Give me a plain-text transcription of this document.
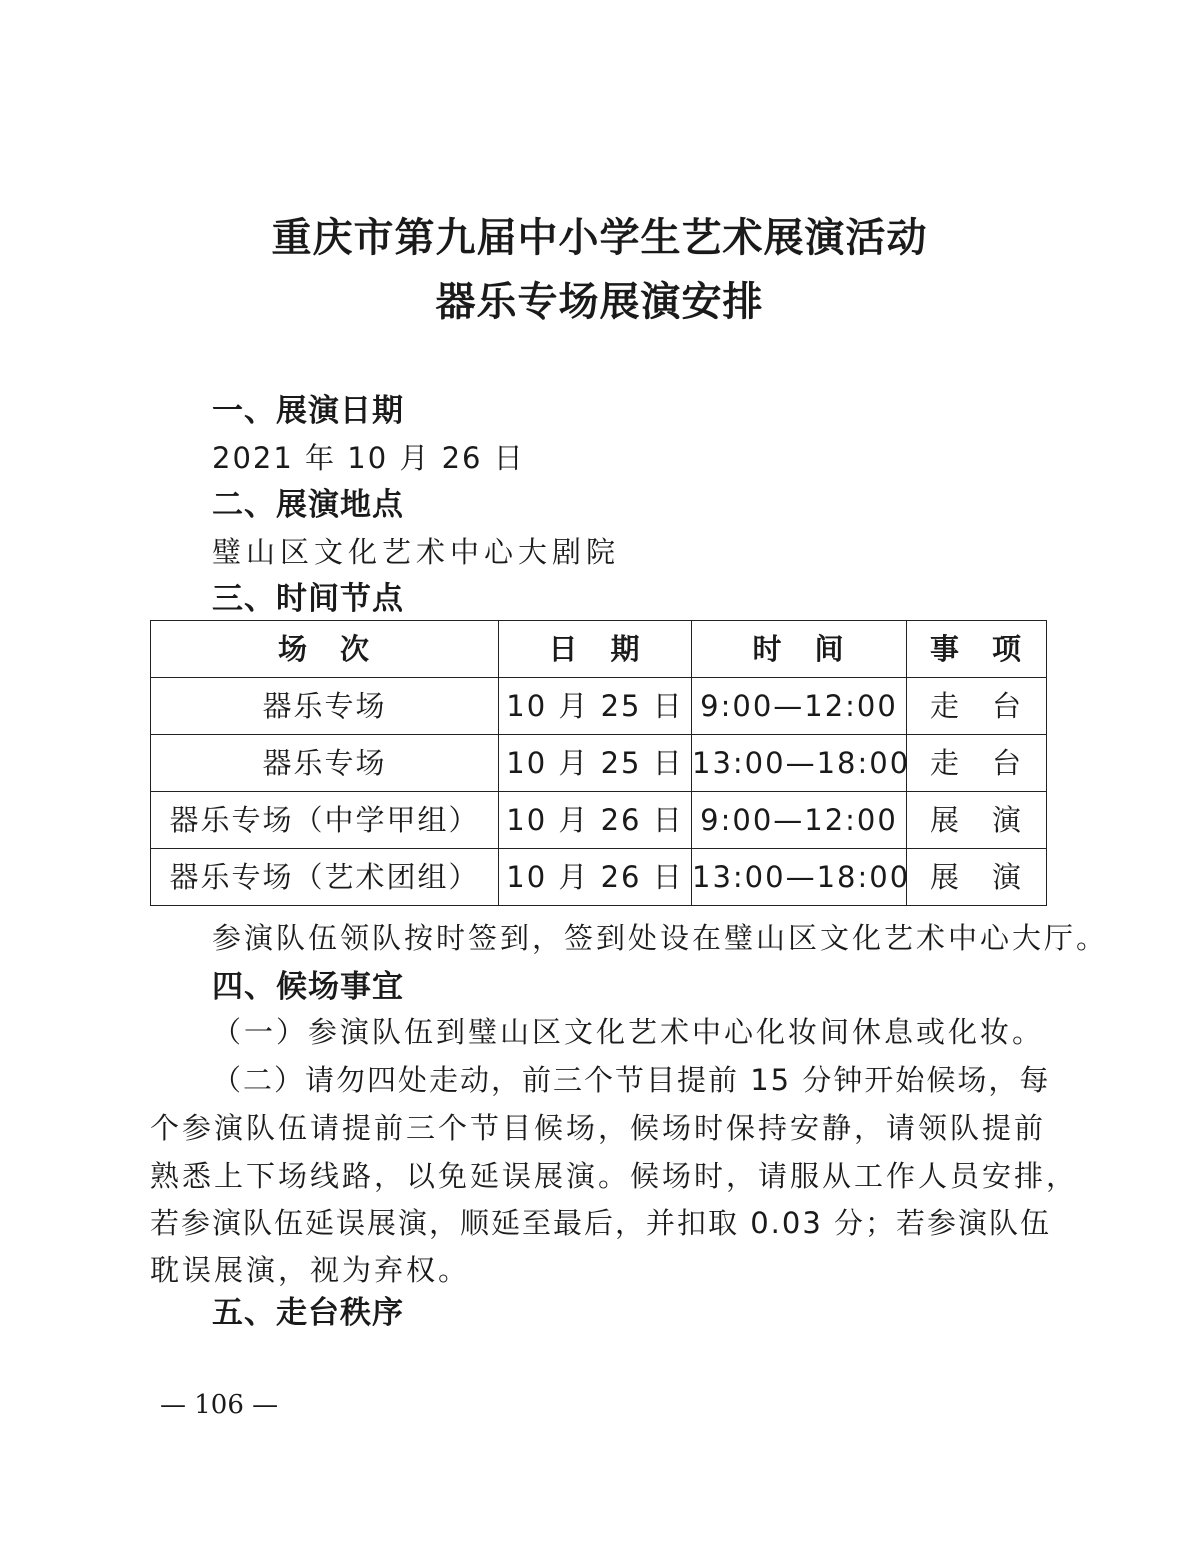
重庆市第九届中小学生艺术展演活动
器乐专场展演安排
一、展演日期
2021 年 10 月 26 日
二、展演地点
璧山区文化艺术中心大剧院
三、时间节点
场　次	日　期	时　间	事　项
器乐专场	10 月 25 日	9:00—12:00	走　台
器乐专场	10 月 25 日	13:00—18:00	走　台
器乐专场（中学甲组）	10 月 26 日	9:00—12:00	展　演
器乐专场（艺术团组）	10 月 26 日	13:00—18:00	展　演
参演队伍领队按时签到，签到处设在璧山区文化艺术中心大厅。
四、候场事宜
（一）参演队伍到璧山区文化艺术中心化妆间休息或化妆。
（二）请勿四处走动，前三个节目提前 15 分钟开始候场，每
个参演队伍请提前三个节目候场，候场时保持安静，请领队提前
熟悉上下场线路，以免延误展演。候场时，请服从工作人员安排，
若参演队伍延误展演，顺延至最后，并扣取 0.03 分；若参演队伍
耽误展演，视为弃权。
五、走台秩序
— 106 —
